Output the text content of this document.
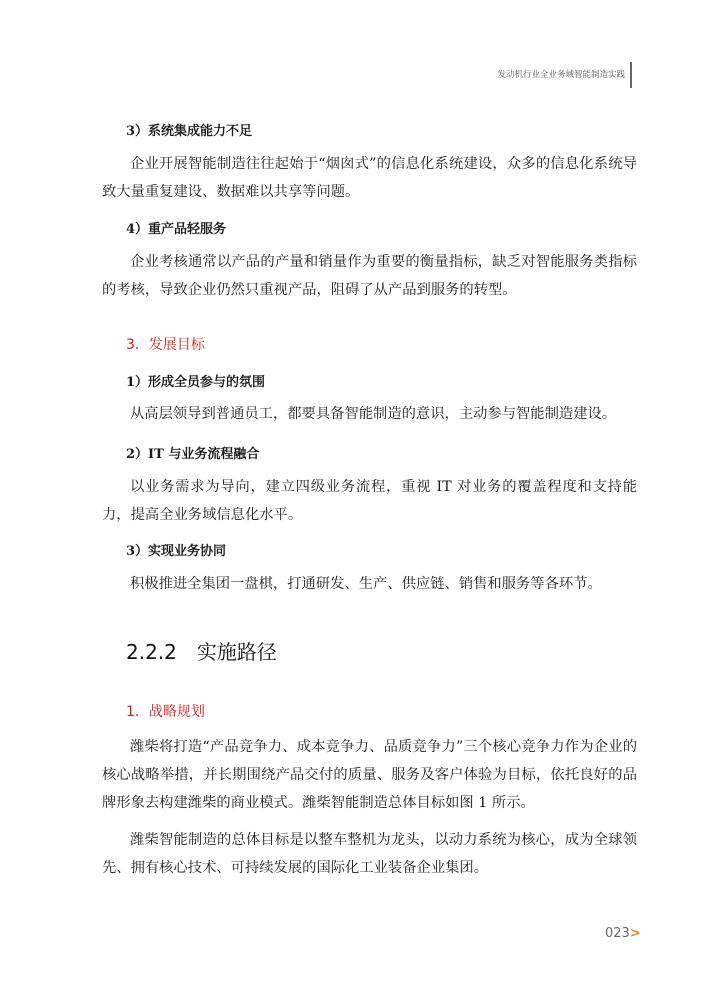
发动机行业全业务域智能制造实践
3）系统集成能力不足
企业开展智能制造往往起始于“烟囱式”的信息化系统建设，众多的信息化系统导致大量重复建设、数据难以共享等问题。
4）重产品轻服务
企业考核通常以产品的产量和销量作为重要的衡量指标，缺乏对智能服务类指标的考核，导致企业仍然只重视产品，阻碍了从产品到服务的转型。
3．发展目标
1）形成全员参与的氛围
从高层领导到普通员工，都要具备智能制造的意识，主动参与智能制造建设。
2）IT 与业务流程融合
以业务需求为导向，建立四级业务流程，重视 IT 对业务的覆盖程度和支持能力，提高全业务域信息化水平。
3）实现业务协同
积极推进全集团一盘棋，打通研发、生产、供应链、销售和服务等各环节。
2.2.2 实施路径
1．战略规划
潍柴将打造“产品竞争力、成本竞争力、品质竞争力”三个核心竞争力作为企业的核心战略举措，并长期围绕产品交付的质量、服务及客户体验为目标，依托良好的品牌形象去构建潍柴的商业模式。潍柴智能制造总体目标如图 1 所示。
潍柴智能制造的总体目标是以整车整机为龙头，以动力系统为核心，成为全球领先、拥有核心技术、可持续发展的国际化工业装备企业集团。
023>
